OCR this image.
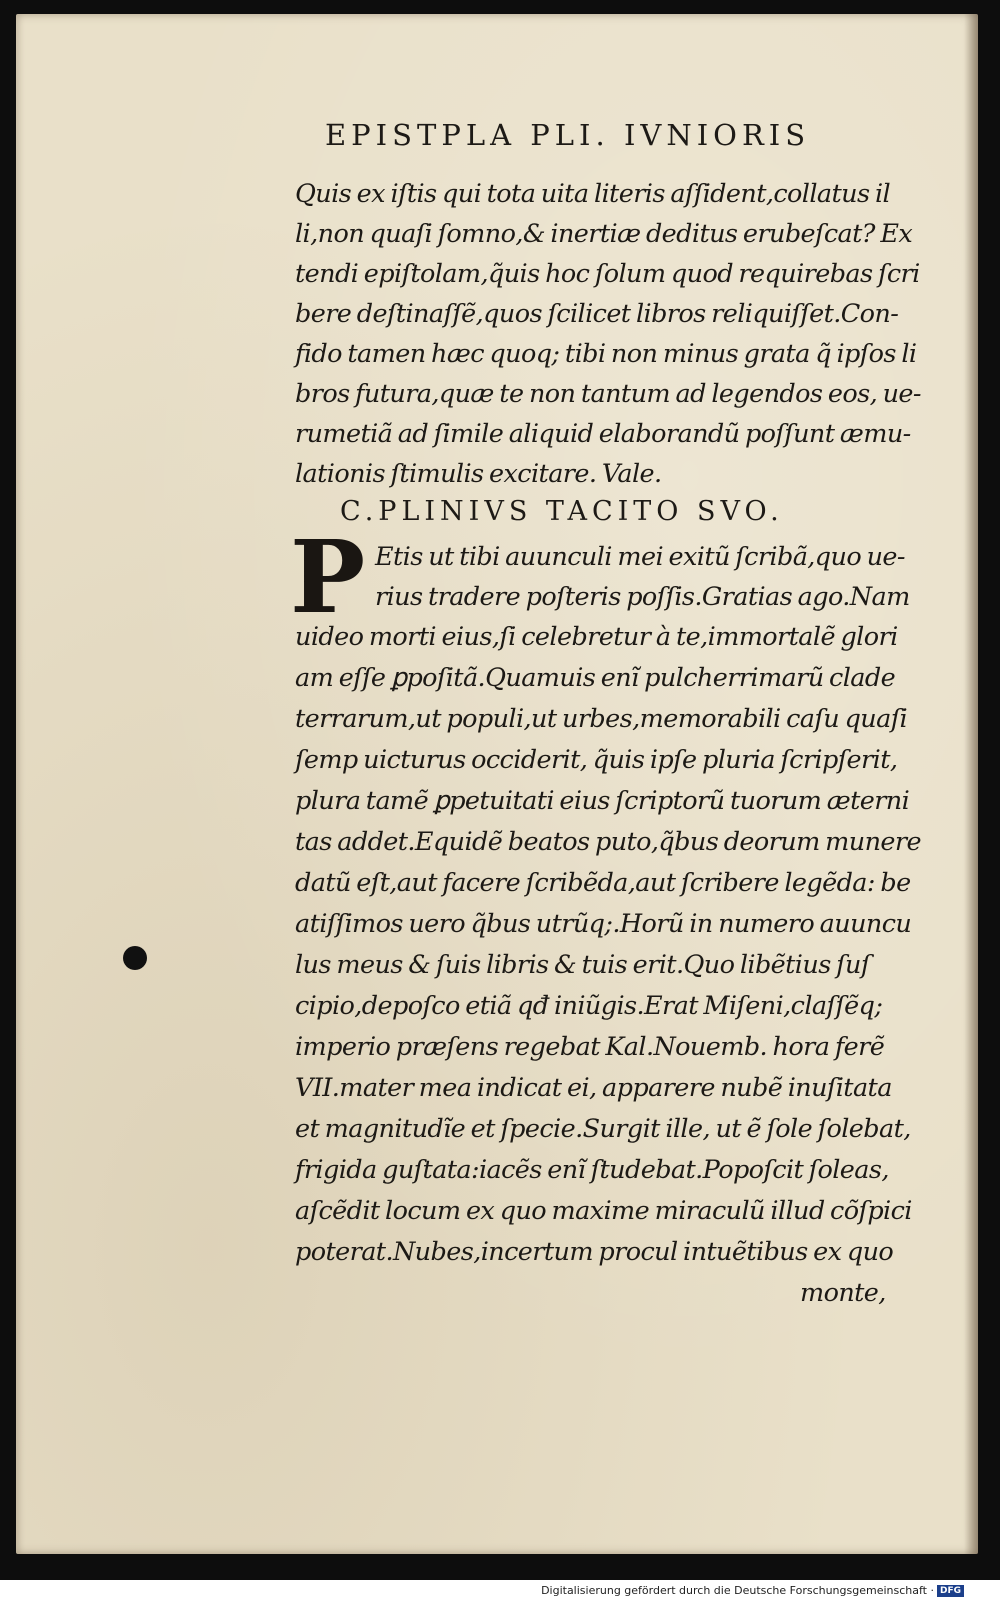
EPISTPLA PLI. IVNIORIS
Quis ex iſtis qui tota uita literis aſſident,collatus il
li,non quaſi ſomno,& inertiæ deditus erubeſcat? Ex
tendi epiſtolam,q̃uis hoc ſolum quod requirebas ſcri
bere deſtinaſſẽ,quos ſcilicet libros reliquiſſet.Con-
fido tamen hæc quoq; tibi non minus grata q̃ ipſos li
bros futura,quæ te non tantum ad legendos eos, ue-
rumetiã ad ſimile aliquid elaborandũ poſſunt æmu-
lationis ſtimulis excitare. Vale.
C.PLINIVS TACITO SVO.
P Etis ut tibi auunculi mei exitũ ſcribã,quo ue-
rius tradere poſteris poſſis.Gratias ago.Nam
uideo morti eius,ſi celebretur à te,immortalẽ glori
am eſſe ꝑpoſitã.Quamuis enĩ pulcherrimarũ clade
terrarum,ut populi,ut urbes,memorabili caſu quaſi
ſemp uicturus occiderit, q̃uis ipſe pluria ſcripſerit,
plura tamẽ ꝑpetuitati eius ſcriptorũ tuorum æterni
tas addet.Equidẽ beatos puto,q̃bus deorum munere
datũ eſt,aut facere ſcribẽda,aut ſcribere legẽda: be
atiſſimos uero q̃bus utrũq;.Horũ in numero auuncu
lus meus & ſuis libris & tuis erit.Quo libẽtius ſuſ
cipio,depoſco etiã qđ iniũgis.Erat Miſeni,claſſẽq;
imperio præſens regebat Kal.Nouemb. hora ferẽ
VII.mater mea indicat ei, apparere nubẽ inuſitata
et magnitudĩe et ſpecie.Surgit ille, ut ẽ ſole ſolebat,
frigida guſtata:iacẽs enĩ ſtudebat.Popoſcit ſoleas,
aſcẽdit locum ex quo maxime miraculũ illud cõſpici
poterat.Nubes,incertum procul intuẽtibus ex quo
monte,
Digitalisierung gefördert durch die Deutsche Forschungsgemeinschaft · DFG
